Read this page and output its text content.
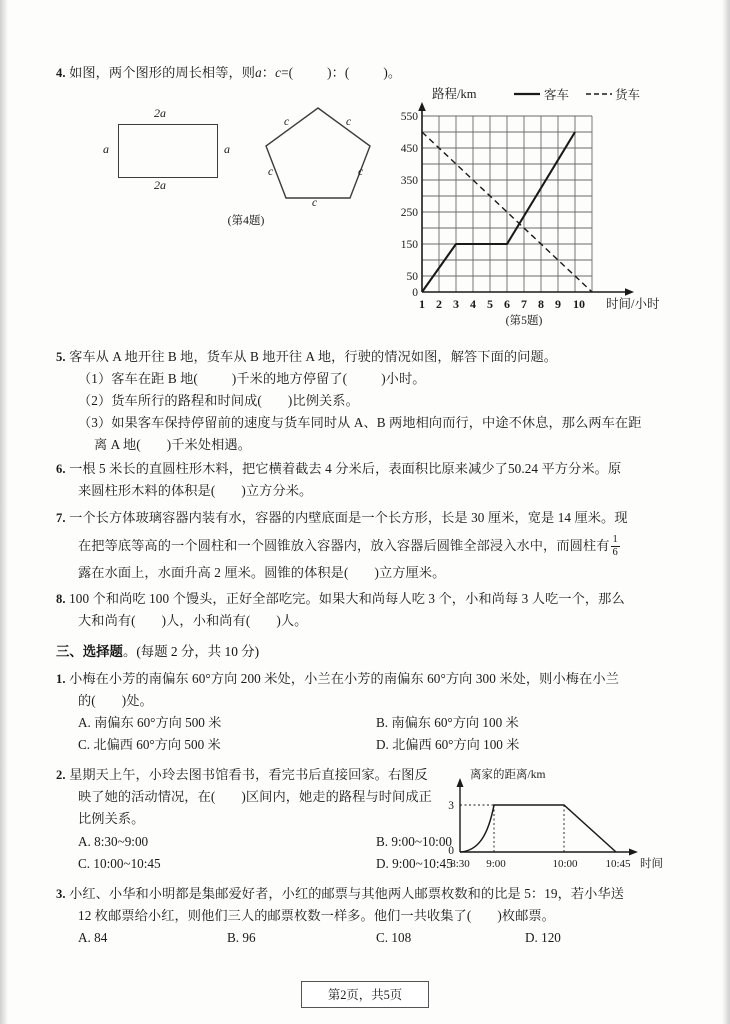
4. 如图，两个图形的周长相等，则a：c=(	)：(	)。
2a
2a
a	a
c	c
c
c
c
(第4题)
550
450
350
250
150
50
0
1 2 3 4 5 6 7 8 9 10
路程/km
时间/小时
客车	货车
(第5题)
5. 客车从 A 地开往 B 地，货车从 B 地开往 A 地，行驶的情况如图，解答下面的问题。
（1）客车在距 B 地(	)千米的地方停留了(	)小时。
（2）货车所行的路程和时间成( )比例关系。
（3）如果客车保持停留前的速度与货车同时从 A、B 两地相向而行，中途不休息，那么两车在距
离 A 地( )千米处相遇。
6. 一根 5 米长的直圆柱形木料，把它横着截去 4 分米后，表面积比原来减少了50.24 平方分米。原
来圆柱形木料的体积是( )立方分米。
7. 一个长方体玻璃容器内装有水，容器的内壁底面是一个长方形，长是 30 厘米，宽是 14 厘米。现
在把等底等高的一个圆柱和一个圆锥放入容器内，放入容器后圆锥全部浸入水中，而圆柱有 $\frac{1}{6}$
露在水面上，水面升高 2 厘米。圆锥的体积是( )立方厘米。
8. 100 个和尚吃 100 个馒头，正好全部吃完。如果大和尚每人吃 3 个，小和尚每 3 人吃一个，那么
大和尚有( )人，小和尚有( )人。
三、选择题。(每题 2 分，共 10 分)
1. 小梅在小芳的南偏东 60°方向 200 米处，小兰在小芳的南偏东 60°方向 300 米处，则小梅在小兰
的( )处。
A. 南偏东 60°方向 500 米	B. 南偏东 60°方向 100 米
C. 北偏西 60°方向 500 米	D. 北偏西 60°方向 100 米
2. 星期天上午，小玲去图书馆看书，看完书后直接回家。右图反
映了她的活动情况，在( )区间内，她走的路程与时间成正
比例关系。
离家的距离/km
3
0
8:30 9:00	10:00	10:45 时间
A. 8:30~9:00	B. 9:00~10:00
C. 10:00~10:45	D. 9:00~10:45
3. 小红、小华和小明都是集邮爱好者，小红的邮票与其他两人邮票枚数和的比是 5：19，若小华送
12 枚邮票给小红，则他们三人的邮票枚数一样多。他们一共收集了( )枚邮票。
A. 84	B. 96	C. 108	D. 120
第2页，共5页
